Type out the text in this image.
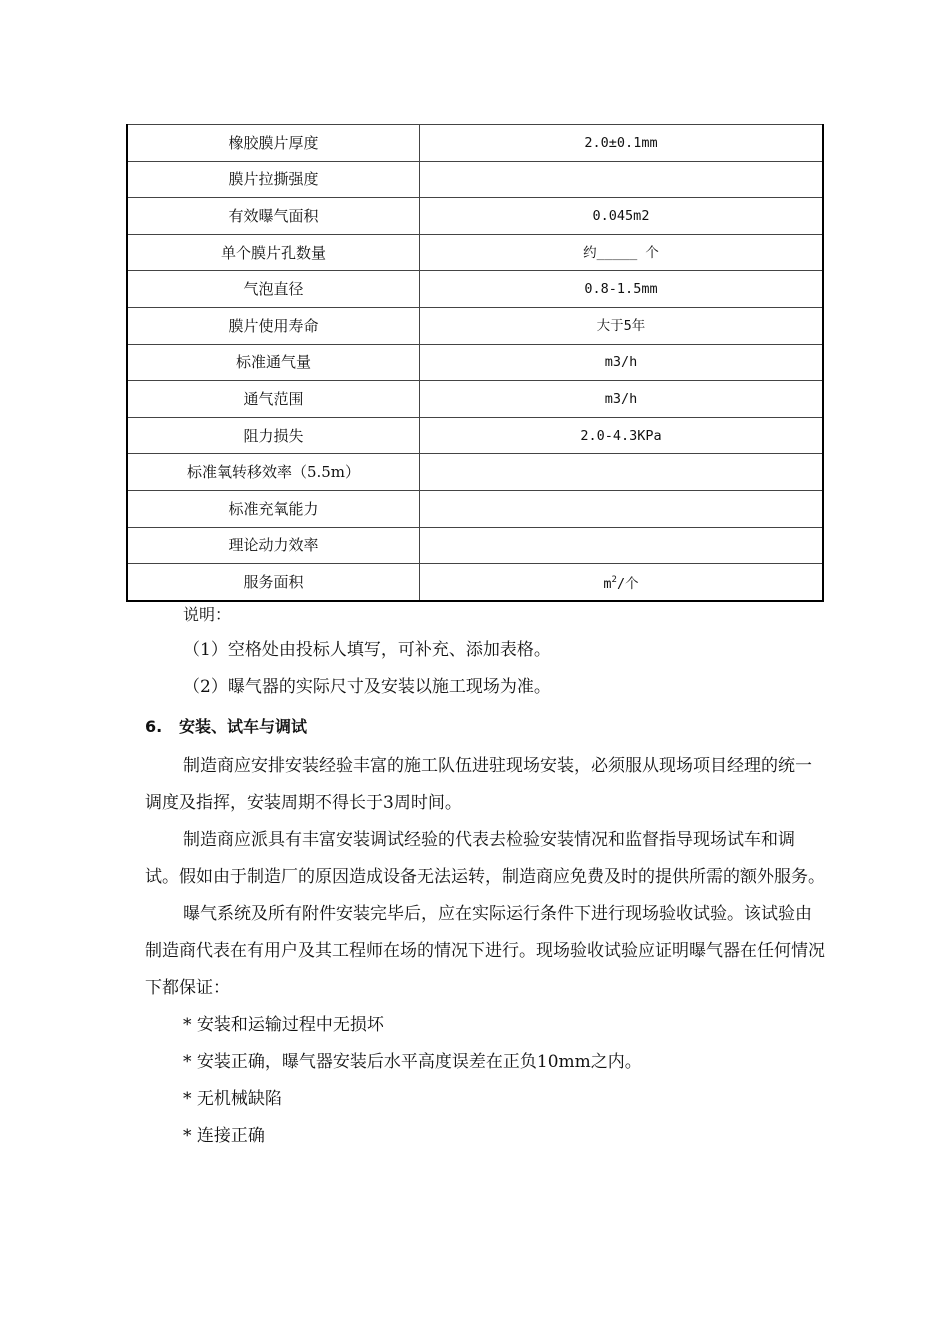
橡胶膜片厚度	2.0±0.1mm
膜片拉撕强度	
有效曝气面积	0.045m2
单个膜片孔数量	约_____ 个
气泡直径	0.8-1.5mm
膜片使用寿命	大于5年
标准通气量	m3/h
通气范围	m3/h
阻力损失	2.0-4.3KPa
标准氧转移效率（5.5m）	
标准充氧能力	
理论动力效率	
服务面积	$m^2/$个

说明：

（1）空格处由投标人填写，可补充、添加表格。

（2）曝气器的实际尺寸及安装以施工现场为准。

6. 安装、试车与调试

制造商应安排安装经验丰富的施工队伍进驻现场安装，必须服从现场项目经理的统一调度及指挥，安装周期不得长于3周时间。

制造商应派具有丰富安装调试经验的代表去检验安装情况和监督指导现场试车和调试。假如由于制造厂的原因造成设备无法运转，制造商应免费及时的提供所需的额外服务。

曝气系统及所有附件安装完毕后，应在实际运行条件下进行现场验收试验。该试验由制造商代表在有用户及其工程师在场的情况下进行。现场验收试验应证明曝气器在任何情况下都保证：

* 安装和运输过程中无损坏

* 安装正确，曝气器安装后水平高度误差在正负10mm之内。

* 无机械缺陷

* 连接正确
